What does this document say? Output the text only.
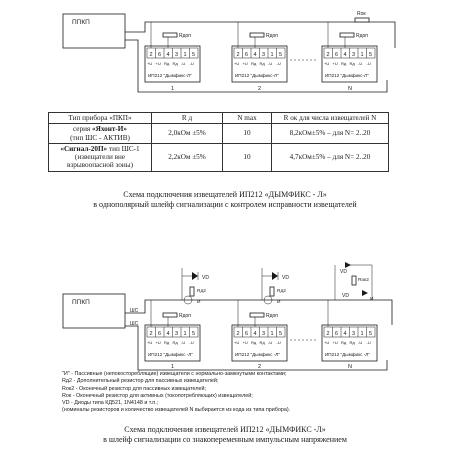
ППКП
2 6 4 3 1 5
+U +U Rд Rд -U -U
ИП212 "Дымфикс-Л"
1
Rдоп
2 6 4 3 1 5
+U +U Rд Rд -U -U
ИП212 "Дымфикс-Л"
2
Rдоп
2 6 4 3 1 5
+U +U Rд Rд -U -U
ИП212 "Дымфикс-Л"
N
Rдоп
Rок
ППКП
ШС
ШС
VD
Rд2
И
VD
Rд2
И
VD
Rок2
VD
И
2 6 4 3 1 5
+U +U Rд Rд -U -U
ИП212 "Дымфикс -Л"
1
Rдоп
2 6 4 3 1 5
+U +U Rд Rд -U -U
ИП212 "Дымфикс -Л"
2
Rдоп
2 6 4 3 1 5
+U +U Rд Rд -U -U
ИП212 "Дымфикс -Л"
N
Тип прибора «ПКП»	R д	N max	R ок для числа извещателей N
серия «Яхонт-И»
(тип ШС - АКТИВ)	2,0кОм ±5%	10	8,2кОм±5% – для N= 2..20
«Сигнал-20П» тип ШС-1 (извещатели вне взрывоопасной зоны)	2,2кОм ±5%	10	4,7кОм±5% – для N= 2..20
Схема подключения извещателей ИП212 «ДЫМФИКС - Л»
в однополярный шлейф сигнализации с контролем исправности извещателей
"И" - Пассивные (непокостореблящие) извещатели с нормально-замкнутыми контактами;
Rд2 - Дополнительный резистор для пассивных извещателей;
Rок2 - Оконечный резистор для пассивных извещателей;
Rок - Оконечный резистор для активных (токопотребляющих) извещателей;
VD - Диоды типа КД521, 1N4148 и т.п.;
(номиналы резисторов и количество извещателей N выбирается из кода из типа прибора).
Схема подключения извещателей ИП212 «ДЫМФИКС -Л»
в шлейф сигнализации со знакопеременным импульсным напряжением
